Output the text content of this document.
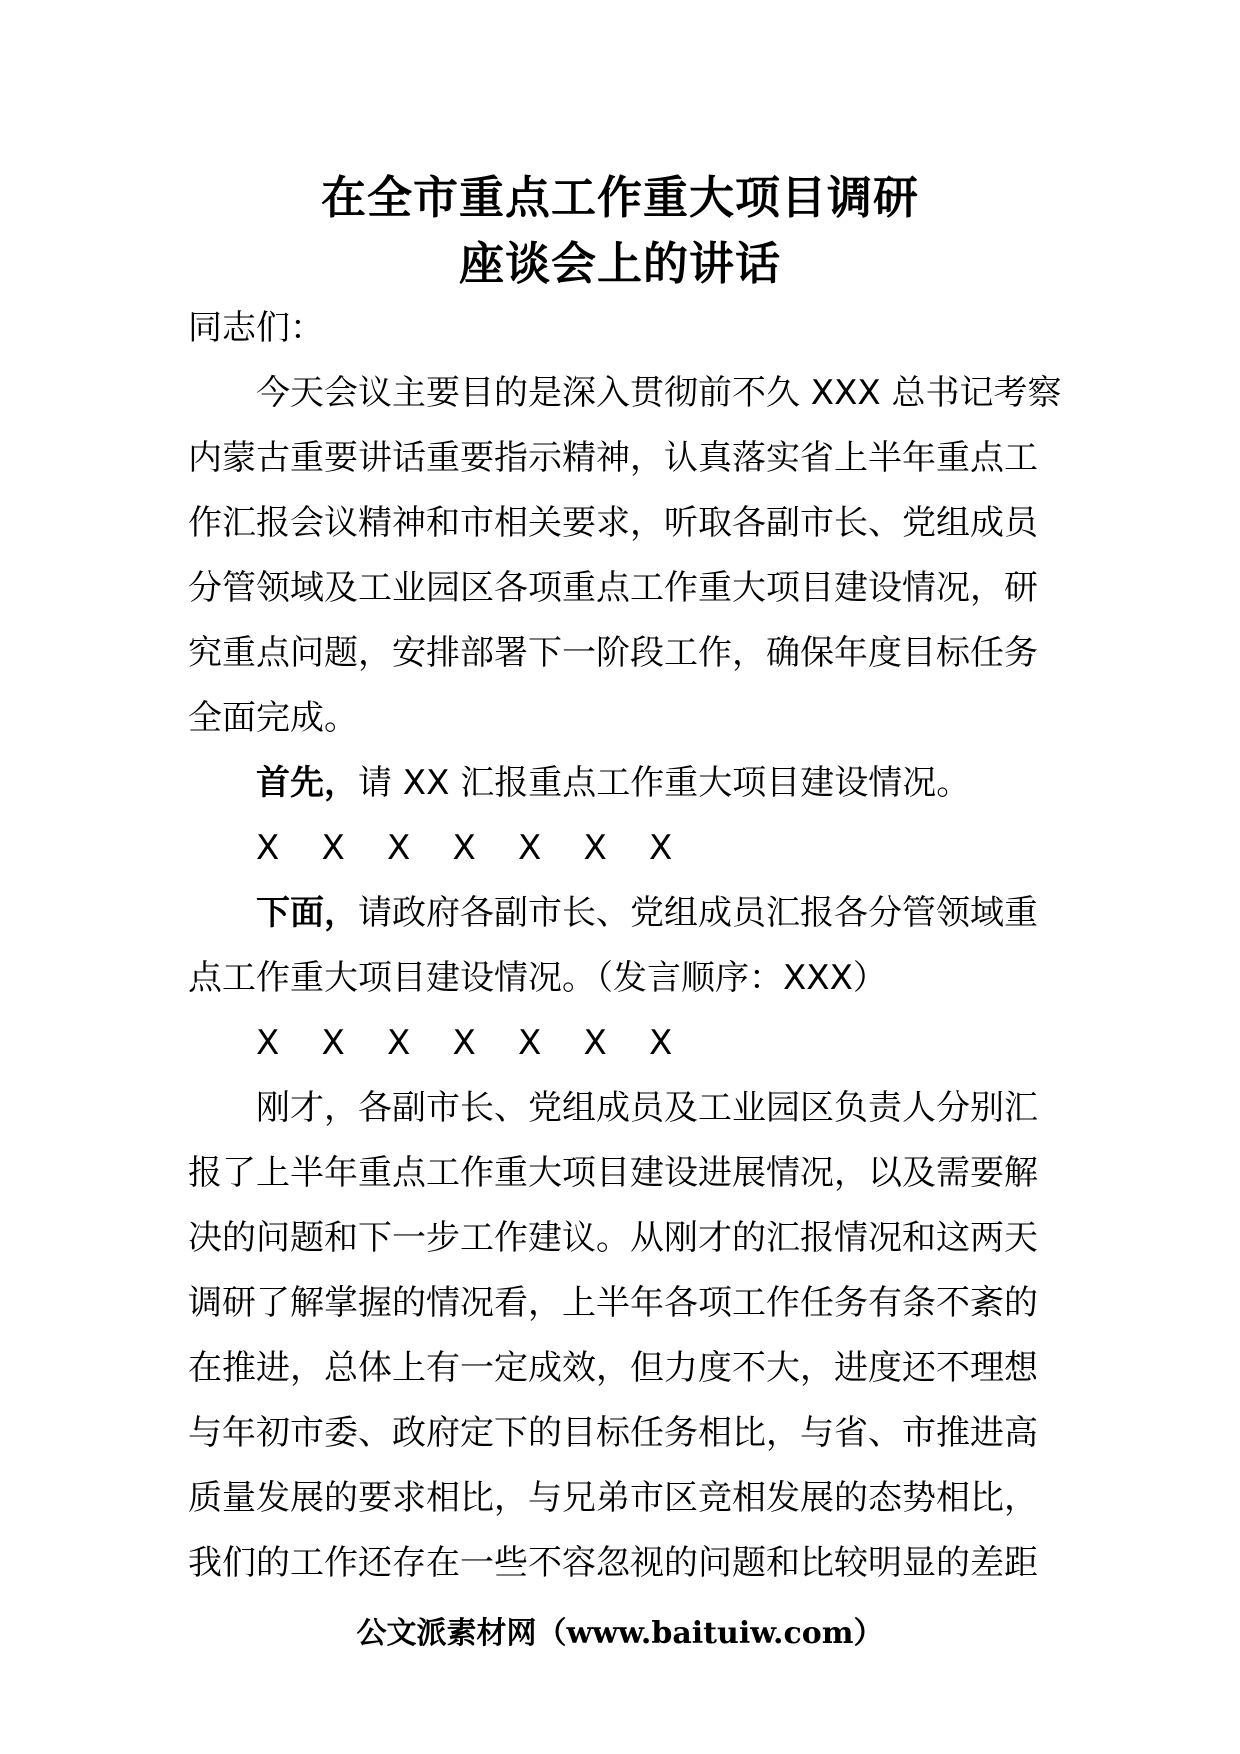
在全市重点工作重大项目调研
座谈会上的讲话
同志们：
今天会议主要目的是深入贯彻前不久 XXX 总书记考察
内蒙古重要讲话重要指示精神，认真落实省上半年重点工
作汇报会议精神和市相关要求，听取各副市长、党组成员
分管领域及工业园区各项重点工作重大项目建设情况，研
究重点问题，安排部署下一阶段工作，确保年度目标任务
全面完成。
首先，请 XX 汇报重点工作重大项目建设情况。
X X X X X X X
下面，请政府各副市长、党组成员汇报各分管领域重
点工作重大项目建设情况。（发言顺序：XXX）
X X X X X X X
刚才，各副市长、党组成员及工业园区负责人分别汇
报了上半年重点工作重大项目建设进展情况，以及需要解
决的问题和下一步工作建议。从刚才的汇报情况和这两天
调研了解掌握的情况看，上半年各项工作任务有条不紊的
在推进，总体上有一定成效，但力度不大，进度还不理想
与年初市委、政府定下的目标任务相比，与省、市推进高
质量发展的要求相比，与兄弟市区竞相发展的态势相比，
我们的工作还存在一些不容忽视的问题和比较明显的差距
公文派素材网（www.baituiw.com）
